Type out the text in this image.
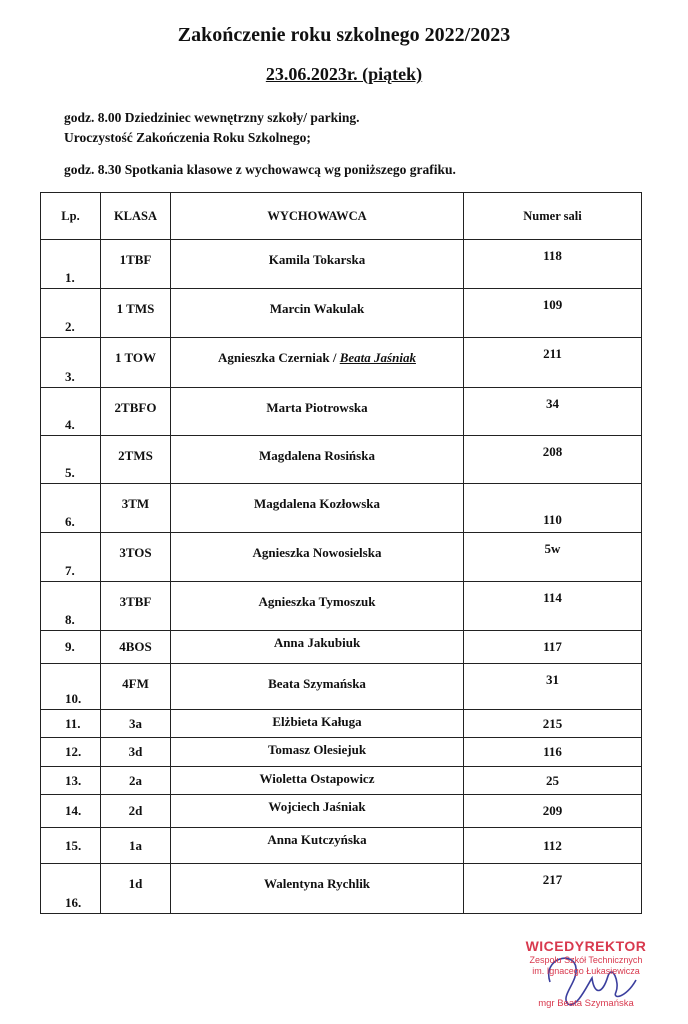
Zakończenie roku szkolnego 2022/2023
23.06.2023r. (piątek)
godz. 8.00 Dziedziniec wewnętrzny szkoły/ parking.
Uroczystość Zakończenia Roku Szkolnego;
godz. 8.30 Spotkania klasowe z wychowawcą wg poniższego grafiku.
Lp.	KLASA	WYCHOWAWCA	Numer sali
1.	1TBF	Kamila Tokarska	118
2.	1 TMS	Marcin Wakulak	109
3.	1 TOW	Agnieszka Czerniak / Beata Jaśniak	211
4.	2TBFO	Marta Piotrowska	34
5.	2TMS	Magdalena Rosińska	208
6.	3TM	Magdalena Kozłowska	110
7.	3TOS	Agnieszka Nowosielska	5w
8.	3TBF	Agnieszka Tymoszuk	114
9.	4BOS	Anna Jakubiuk	117
10.	4FM	Beata Szymańska	31
11.	3a	Elżbieta Kaługa	215
12.	3d	Tomasz Olesiejuk	116
13.	2a	Wioletta Ostapowicz	25
14.	2d	Wojciech Jaśniak	209
15.	1a	Anna Kutczyńska	112
16.	1d	Walentyna Rychlik	217
WICEDYREKTOR
Zespołu Szkół Technicznych
im. Ignacego Łukasiewicza
mgr Beata Szymańska
